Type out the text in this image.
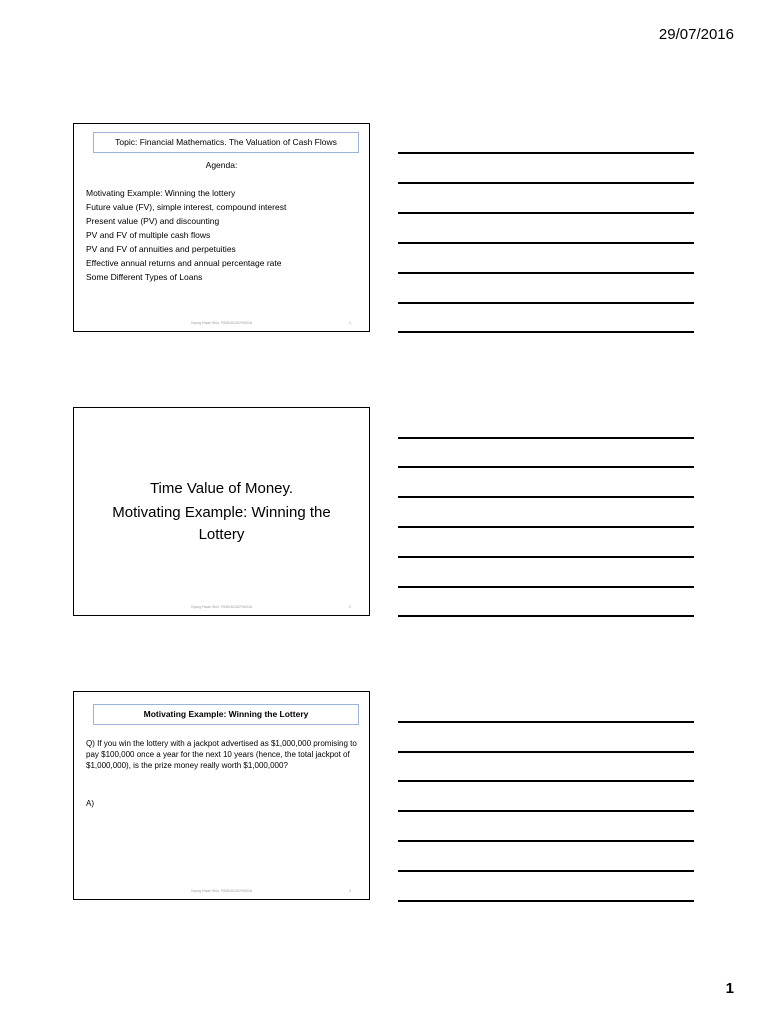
29/07/2016
Topic: Financial Mathematics. The Valuation of Cash Flows
Agenda:
Motivating Example: Winning the lottery
Future value (FV), simple interest, compound interest
Present value (PV) and discounting
PV and FV of multiple cash flows
PV and FV of annuities and perpetuities
Effective annual returns and annual percentage rate
Some Different Types of Loans
Kyung Hwan Shin, FINS1613S2%2016	1
Time Value of Money.
Motivating Example: Winning the Lottery
Kyung Hwan Shin, FINS1613S2%2016	2
Motivating Example: Winning the Lottery
Q) If you win the lottery with a jackpot advertised as $1,000,000 promising to pay $100,000 once a year for the next 10 years (hence, the total jackpot of $1,000,000), is the prize money really worth $1,000,000?
A)
Kyung Hwan Shin, FINS1613S2%2016	3
1
